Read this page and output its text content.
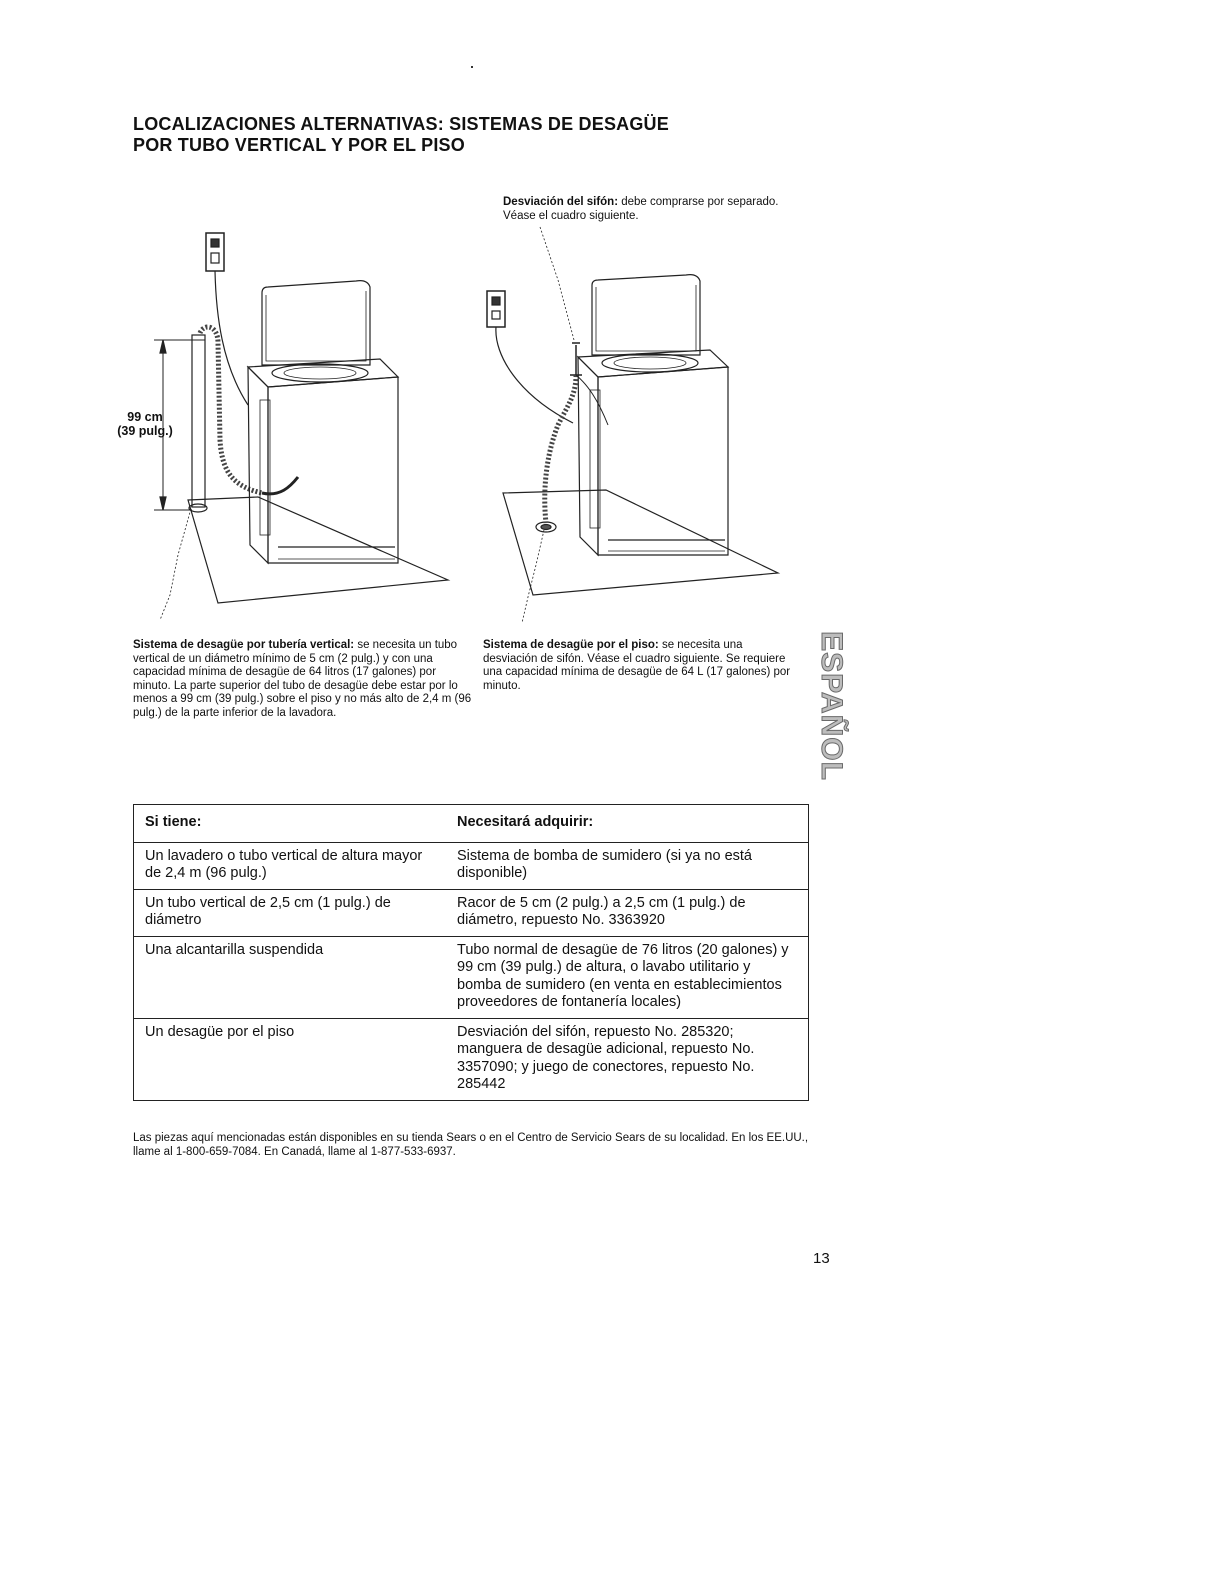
LOCALIZACIONES ALTERNATIVAS: SISTEMAS DE DESAGÜE
POR TUBO VERTICAL Y POR EL PISO
99 cm
(39 pulg.)

Desviación del sifón: debe comprarse por separado. Véase el cuadro siguiente.

Sistema de desagüe por tubería vertical: se necesita un tubo vertical de un diámetro mínimo de 5 cm (2 pulg.) y con una capacidad mínima de desagüe de 64 litros (17 galones) por minuto. La parte superior del tubo de desagüe debe estar por lo menos a 99 cm (39 pulg.) sobre el piso y no más alto de 2,4 m (96 pulg.) de la parte inferior de la lavadora.

Sistema de desagüe por el piso: se necesita una desviación de sifón. Véase el cuadro siguiente. Se requiere una capacidad mínima de desagüe de 64 L (17 galones) por minuto.	ESPAÑOL
Si tiene:	Necesitará adquirir:
Un lavadero o tubo vertical de altura mayor de 2,4 m (96 pulg.)	Sistema de bomba de sumidero (si ya no está disponible)
Un tubo vertical de 2,5 cm (1 pulg.) de diámetro	Racor de 5 cm (2 pulg.) a 2,5 cm (1 pulg.) de diámetro, repuesto No. 3363920
Una alcantarilla suspendida	Tubo normal de desagüe de 76 litros (20 galones) y 99 cm (39 pulg.) de altura, o lavabo utilitario y bomba de sumidero (en venta en establecimientos proveedores de fontanería locales)
Un desagüe por el piso	Desviación del sifón, repuesto No. 285320; manguera de desagüe adicional, repuesto No. 3357090; y juego de conectores, repuesto No. 285442

Las piezas aquí mencionadas están disponibles en su tienda Sears o en el Centro de Servicio Sears de su localidad. En los EE.UU., llame al 1-800-659-7084. En Canadá, llame al 1-877-533-6937.

13
